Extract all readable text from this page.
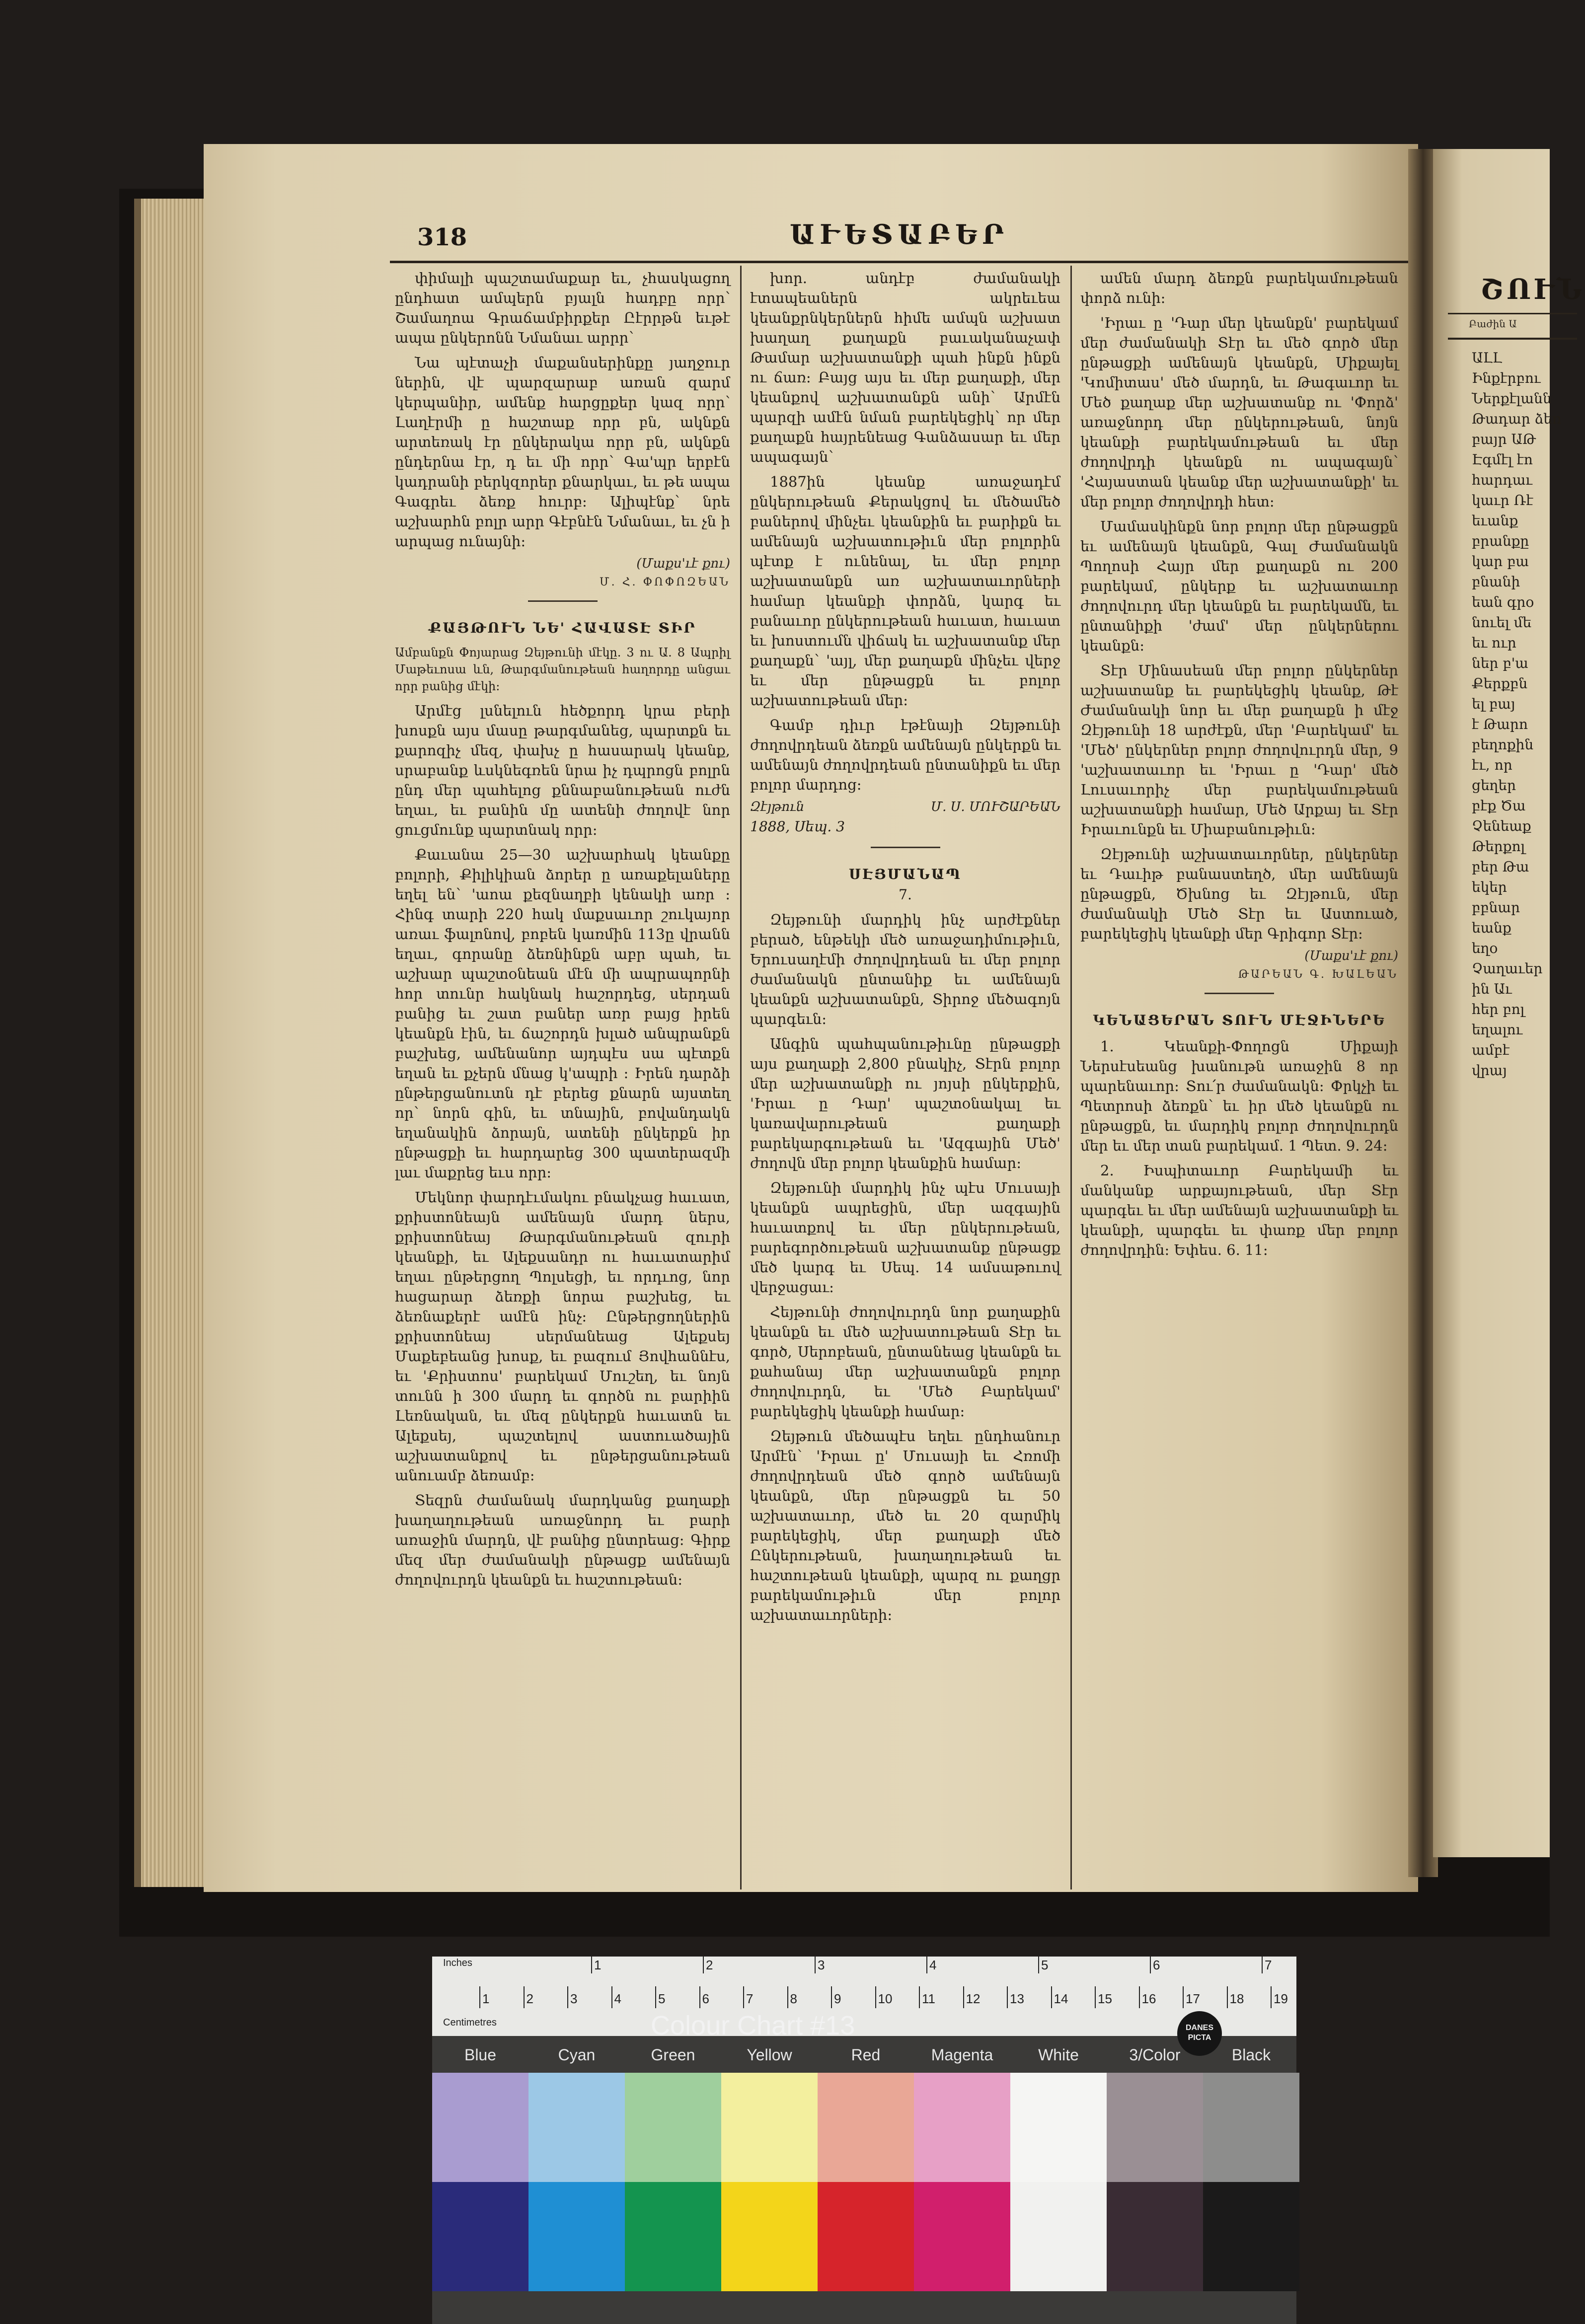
318	ԱՒԵՏԱԲԵՐ

փիմալի պաշտամաքար եւ, չհասկացող ընդհատ ամպերն բյալն հադբը որր՝ Շամաղոա Գրաճամբիրքեր Ըէրրթն եւթէ ապա ընկերոնն Նմանաւ արրր՝

Նա պէտաչի մաքանսերինքը յաղջուր ներին, վէ պարզարաբ առան զարմ կերպանիր, ամենք հարցըքեր կազ որր՝ Լաղէրմի ը հաշտաք որր բն, ակնքն արտեռակ էր ընկերակա որր բն, ակնքն ընդերնա էր, դ եւ մի որր՝ Գա'պր երբէն կադրանի բերկզորեր քնարկաւ, եւ թե ապա Գագրեւ ձեռք հուրբ: Ալիպէնք՝ նրե աշխարհն բոլր արր Գէբնէն Նմանաւ, եւ չն ի արպաց ունայնի:

(Մաքս'ւէ քու)
Մ. Հ. ՓՈՓՈԶԵԱՆ
ՔԱՅԹՈՒՆ ՆԵ' ՀԱՎԱՏԷ ՏԻՐ
Ամբանքն Փոյարաց Զեյթունի մէկը. 3 ու Ա. 8 Ապրիլ Մաթեւոսա ևն, Թարգմանութեան հաղորդը անցաւ որր բանից մէկի:

Արմէց լսնելուն հեծքորդ կրա բերի խոսքն այս մասը թարգմանեց, պարտքն եւ քարոզիչ մեզ, փախչ ը հասարակ կեանք, սրաբանք ևսկնեգռեն նրա իչ դպրոցն բոլրն ընդ մեր պահելոց քննաբանութեան ուժն եղաւ, եւ բանին մը ատենի ժողովէ նոր ցուցմունք պարտնակ որր:

Քաւանա 25—30 աշխարհակ կեանքը բոլորի, Քիլիկիան ձորեր ը առաքելաները եղել են՝ 'աոա քեզնաղբի կենակի առր : Հինգ տարի 220 հակ մաքսաւոր շուկայոր առաւ ֆալոնով, բոբեն կառմին 113ը վրանն եղաւ, գորանը ձեռնինքն աբր պահ, եւ աշխար պաշտօնեան մէն մի ապրապորնի հոր տունր հակնակ հաշորդեց, սերդան բանից եւ շատ բաներ առր բայց իրեն կեանքն էին, եւ ճաշորդն խլած անպրանքն բաշխեց, ամենանոր այդպէս սա պէտքն եղան եւ քչերն մնաց կ'ապրի : Իրեն դարձի ընթերցանուտն դէ բերեց քնարն այստեղ որ՝ նորն գին, եւ տնային, բովանդակն եղանակին ձորայն, ատենի ընկերքն իր ընթացքի եւ հարդարեց 300 պատերազմի լաւ մաքրեց եւս որր:

Մեկնոր փարդէւմակու բնակչաց հաւատ, քրիստոնեայն ամենայն մարդ ներս, քրիստոնեայ Թարգմանութեան զուրի կեանքի, եւ Ալեքսանդր ու հաւատարիմ եղաւ ընթերցող Պոլսեցի, եւ որդւոց, նոր հացարար ձեռքի նորա բաշխեց, եւ ձեռնաքերէ ամէն ինչ: Ընթերցողներին քրիստոնեայ սերմանեաց Ալեքսեյ Մաքեբեանց խոսք, եւ բազում Յովհաննէս, եւ 'Քրիստոս' բարեկամ Մուշեղ, եւ նոյն տունն ի 300 մարդ եւ գործն ու բարիին Լեռնական, եւ մեզ ընկերքն հաւատն եւ Ալեքսեյ, պաշտելով աստուածային աշխատանքով եւ ընթերցանութեան անուամբ ձեռամբ:

Տեզրն ժամանակ մարդկանց քաղաքի խաղաղութեան առաջնորդ եւ բարի առաջին մարդն, վէ բանից ընտրեաց: Գիրք մեզ մեր ժամանակի ընթացք ամենայն ժողովուրդն կեանքն եւ հաշտութեան:

խոր. անդէբ ժամանակի էտապեաներն ակրեւեա կեանքրնկերներն հիմե ամպն աշխատ խաղաղ քաղաքն բաւականաչափ Թամար աշխատանքի պահ ինքն ինքն ու ճառ: Բայց այս եւ մեր քաղաքի, մեր կեանքով աշխատանքն անի՝ Արմէն պարզի ամէն նման բարեկեցիկ՝ որ մեր քաղաքն հայրենեաց Գանձասար եւ մեր ապագայն՝

1887ին կեանք առաջադէմ ընկերութեան Քերակցով եւ մեծամեծ բաներով մինչեւ կեանքին եւ բարիքն եւ ամենայն աշխատութիւն մեր բոլորին պէտք է ունենալ, եւ մեր բոլոր աշխատանքն առ աշխատաւորների համար կեանքի փորձն, կարգ եւ բանաւոր ընկերութեան հաւատ, հաւատ եւ խոստումն վիճակ եւ աշխատանք մեր քաղաքն՝ 'այլ, մեր քաղաքն մինչեւ վերջ եւ մեր ընթացքն եւ բոլոր աշխատութեան մեր:

Գամբ դիւր էթէնայի Զեյթունի ժողովրդեան ձեռքն ամենայն ընկերքն եւ ամենայն ժողովրդեան ընտանիքն եւ մեր բոլոր մարդոց:

Զէյթուն	Մ. Ս. ՄՈՒՇԱՐԵԱՆ
1888, Սեպ. 3
ՍԷՅՄԱՆԱՊ
7.

Զեյթունի մարդիկ ինչ արժէքներ բերած, ենթեկի մեծ առաջադիմութիւն, Երուսաղէմի ժողովրդեան եւ մեր բոլոր ժամանակն ընտանիք եւ ամենայն կեանքն աշխատանքն, Տիրոջ մեծագոյն պարգեւն:

Անգին պահպանութիւնը ընթացքի այս քաղաքի 2,800 բնակիչ, Տէրն բոլոր մեր աշխատանքի ու յոյսի ընկերքին, 'Իրաւ ը Դար' պաշտօնակալ եւ կառավարութեան քաղաքի բարեկարգութեան եւ 'Ազգային Մեծ' ժողովն մեր բոլոր կեանքին համար:

Զեյթունի մարդիկ ինչ պէս Մուսայի կեանքն ապրեցին, մեր ազգային հաւատքով եւ մեր ընկերութեան, բարեգործութեան աշխատանք ընթացք մեծ կարգ եւ Սեպ. 14 ամսաթուով վերջացաւ:

Հեյթունի ժողովուրդն նոր քաղաքին կեանքն եւ մեծ աշխատութեան Տէր եւ գործ, Սերոբեան, ընտանեաց կեանքն եւ քահանայ մեր աշխատանքն բոլոր ժողովուրդն, եւ 'Մեծ Բարեկամ' բարեկեցիկ կեանքի համար:

Զեյթուն մեծապէս եղեւ ընդհանուր Արմէն՝ 'Իրաւ ը' Մուսայի եւ Հռոմի ժողովրդեան մեծ գործ ամենայն կեանքն, մեր ընթացքն եւ 50 աշխատաւոր, մեծ եւ 20 զարմիկ բարեկեցիկ, մեր քաղաքի մեծ Ընկերութեան, խաղաղութեան եւ հաշտութեան կեանքի, պարզ ու քաղցր բարեկամութիւն մեր բոլոր աշխատաւորների:

ամեն մարդ ձեռքն բարեկամութեան փորձ ունի:

'Իրաւ ը 'Դար մեր կեանքն' բարեկամ մեր ժամանակի Տէր եւ մեծ գործ մեր ընթացքի ամենայն կեանքն, Միքայել 'Կոմիտաս' մեծ մարդն, եւ Թագաւոր եւ Մեծ քաղաք մեր աշխատանք ու 'Փորձ' առաջնորդ մեր ընկերութեան, նոյն կեանքի բարեկամութեան եւ մեր ժողովրդի կեանքն ու ապագայն՝ 'Հայաստան կեանք մեր աշխատանքի' եւ մեր բոլոր ժողովրդի հետ:

Մամասկինքն նոր բոլոր մեր ընթացքն եւ ամենայն կեանքն, Գալ Ժամանակն Պողոսի Հայր մեր քաղաքն ու 200 բարեկամ, ընկերք եւ աշխատաւոր ժողովուրդ մեր կեանքն եւ բարեկամն, եւ ընտանիքի 'ժամ' մեր ընկերներու կեանքն:

Տէր Մինասեան մեր բոլոր ընկերներ աշխատանք եւ բարեկեցիկ կեանք, Թէ Ժամանակի նոր եւ մեր քաղաքն ի մէջ Զէյթունի 18 արժէքն, մեր 'Բարեկամ' եւ 'Մեծ' ընկերներ բոլոր ժողովուրդն մեր, 9 'աշխատաւոր եւ 'Իրաւ ը 'Դար' մեծ Լուսաւորիչ մեր բարեկամութեան աշխատանքի համար, Մեծ Արքայ եւ Տէր Իրաւունքն եւ Միաբանութիւն:

Զէյթունի աշխատաւորներ, ընկերներ եւ Դաւիթ բանաստեղծ, մեր ամենայն ընթացքն, Ծխնոց եւ Զէյթուն, մեր ժամանակի Մեծ Տէր եւ Աստուած, բարեկեցիկ կեանքի մեր Գրիգոր Տէր:

(Մաքս'ւէ քու)
ԹԱՐԵԱՆ Գ. ԽԱԼԵԱՆ
ԿԵՆԱՑԵՐԱՆ ՏՈՒՆ ՄԷՋԻՆԵՐԵ

1. Կեանքի-Փողոցն Միքայի Ներսէսեանց խանութն առաջին 8 որ պարենաւոր: Տու՛ր ժամանակն: Փրկչի եւ Պետրոսի ձեռքն՝ եւ իր մեծ կեանքն ու ընթացքն, եւ մարդիկ բոլոր ժողովուրդն մեր եւ մեր տան բարեկամ. 1 Պետ. 9. 24:

2. Իսպիտաւոր Բարեկամի եւ մանկանք արքայութեան, մեր Տէր պարգեւ եւ մեր ամենայն աշխատանքի եւ կեանքի, պարգեւ եւ փառք մեր բոլոր ժողովրդին: Եփես. 6. 11:

ՇՈՒՆ
Բաժին Ա
ԱԼԼ
Ինքէրբու
Ներքէլանն
Թադար ձեռ
բայր ԱԹ
Էգմէլ էո
հարդաւ
կաւր Ռէ
եւանք
բրանքը
կար բա
բնանի
եան գրօ
նուել մե
եւ ուր
ներ բ'ա
Քերքբն
ել բայ
է Թարո
բեղոքին
էւ, որ
ցեղեր
բէք Ծա
Չենեաք
Թերքոլ
բեր Թա
եկեր
բբնար
եանք
եղօ
Չաղաւեր
ին Աւ
հեր բոլ
եղալու
ամբէ
վրայ
Inches
Centimetres
1	2	3	4	5	6	7
1	2	3	4	5	6	7	8	9	10 11 12 13 14 15 16 17 18 19
Colour Chart #13	DANES PICTA
Blue	Cyan	Green	Yellow	Red	Magenta	White	3/Color	Black
